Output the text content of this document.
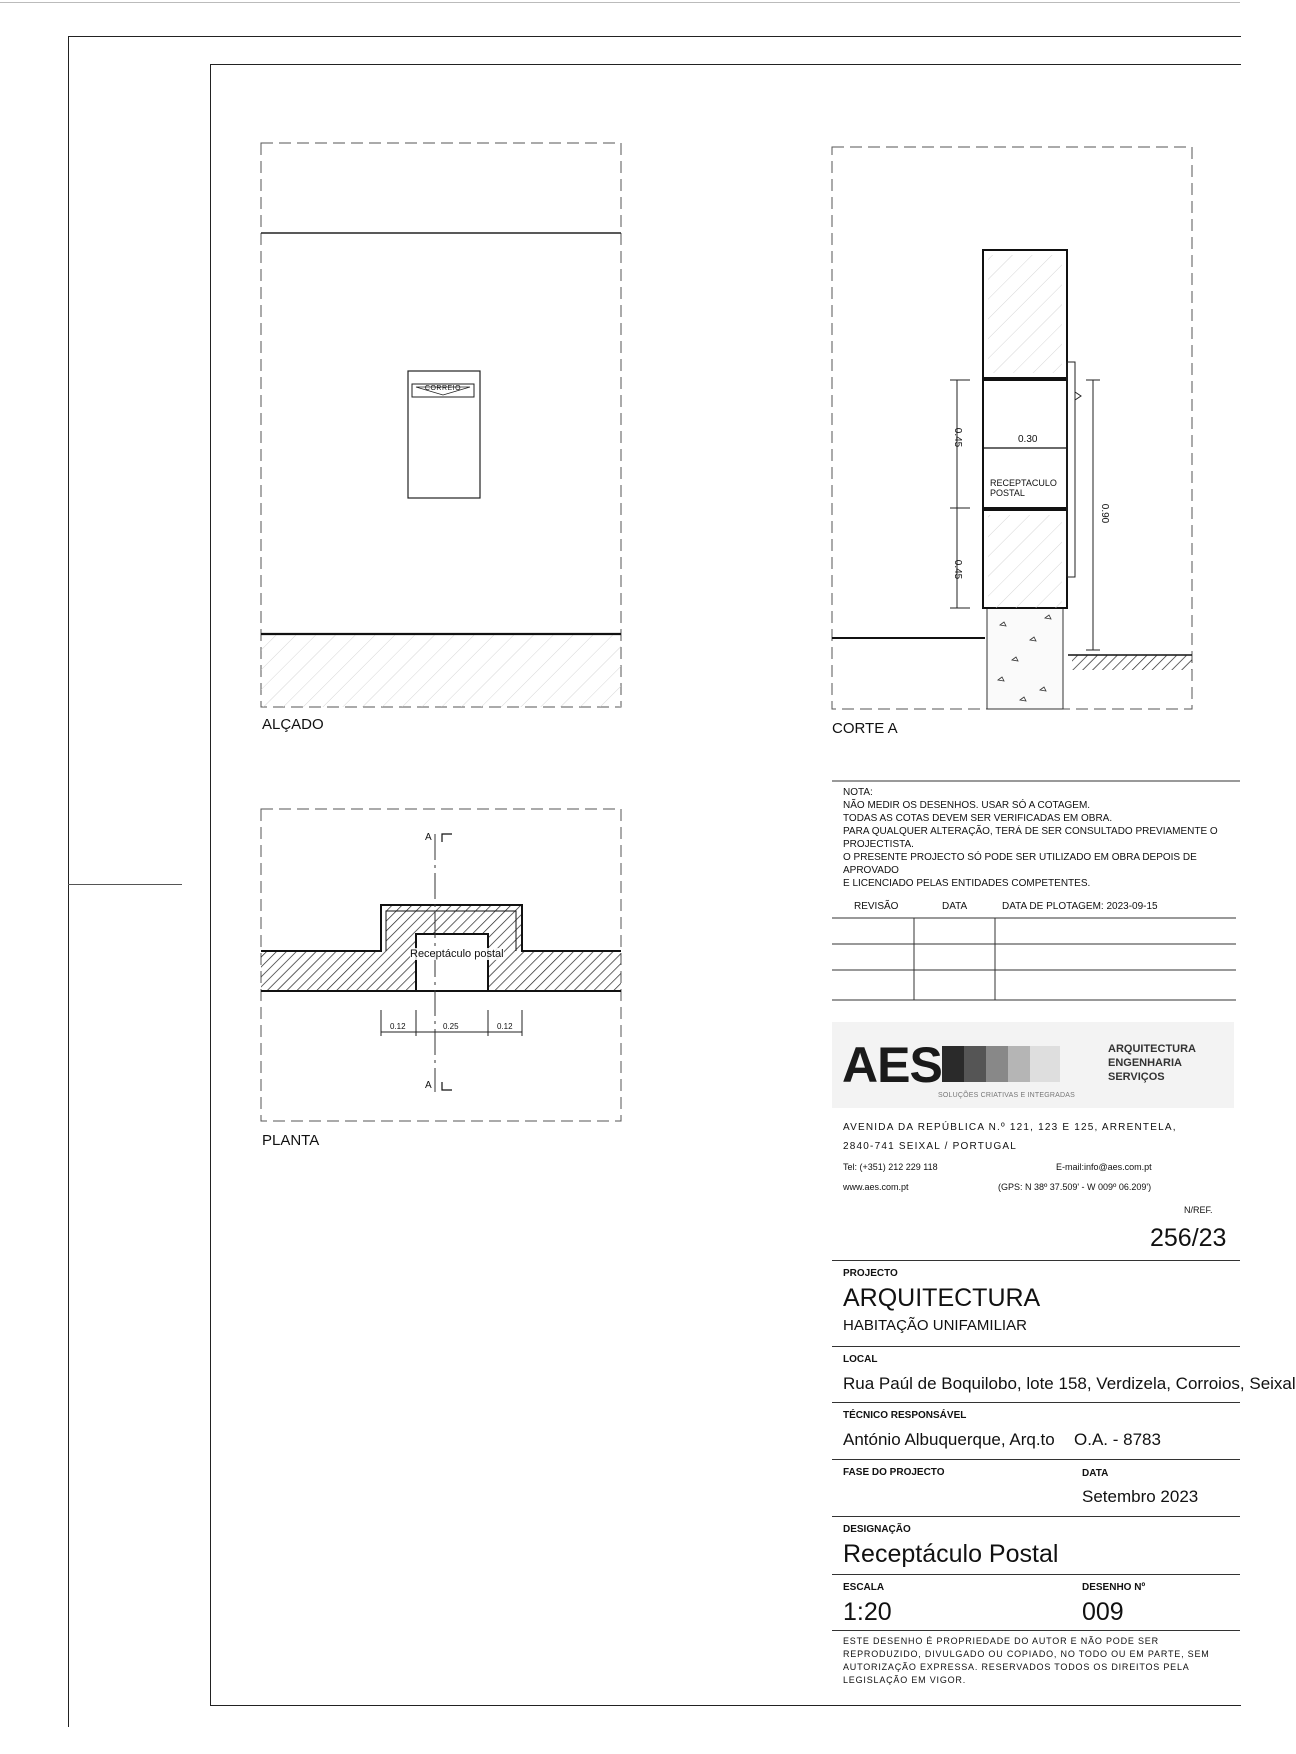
CORREIO
ALÇADO	CORTE A
0.30
RECEPTACULO
POSTAL
0.45
0.45
0.90
A
A
Receptáculo postal
0.12	0.25	0.12
PLANTA
NOTA:
NÃO MEDIR OS DESENHOS. USAR SÓ A COTAGEM.
TODAS AS COTAS DEVEM SER VERIFICADAS EM OBRA.
PARA QUALQUER ALTERAÇÃO, TERÁ DE SER CONSULTADO PREVIAMENTE O
PROJECTISTA.
O PRESENTE PROJECTO SÓ PODE SER UTILIZADO EM OBRA DEPOIS DE APROVADO
E LICENCIADO PELAS ENTIDADES COMPETENTES.
REVISÃO	DATA	DATA DE PLOTAGEM: 2023-09-15
AES	ARQUITECTURA
ENGENHARIA
SERVIÇOS
SOLUÇÕES CRIATIVAS E INTEGRADAS
AVENIDA DA REPÚBLICA N.º 121, 123 E 125, ARRENTELA,
2840-741 SEIXAL / PORTUGAL
Tel: (+351) 212 229 118	E-mail:info@aes.com.pt
www.aes.com.pt	(GPS: N 38º 37.509' - W 009º 06.209')
N/REF.
256/23
PROJECTO
ARQUITECTURA
HABITAÇÃO UNIFAMILIAR
LOCAL
Rua Paúl de Boquilobo, lote 158, Verdizela, Corroios, Seixal
TÉCNICO RESPONSÁVEL
António Albuquerque, Arq.to O.A. - 8783
FASE DO PROJECTO	DATA
Setembro 2023
DESIGNAÇÃO
Receptáculo Postal
ESCALA
1:20
DESENHO Nº
009
ESTE DESENHO É PROPRIEDADE DO AUTOR E NÃO PODE SER
REPRODUZIDO, DIVULGADO OU COPIADO, NO TODO OU EM PARTE, SEM
AUTORIZAÇÃO EXPRESSA. RESERVADOS TODOS OS DIREITOS PELA
LEGISLAÇÃO EM VIGOR.
